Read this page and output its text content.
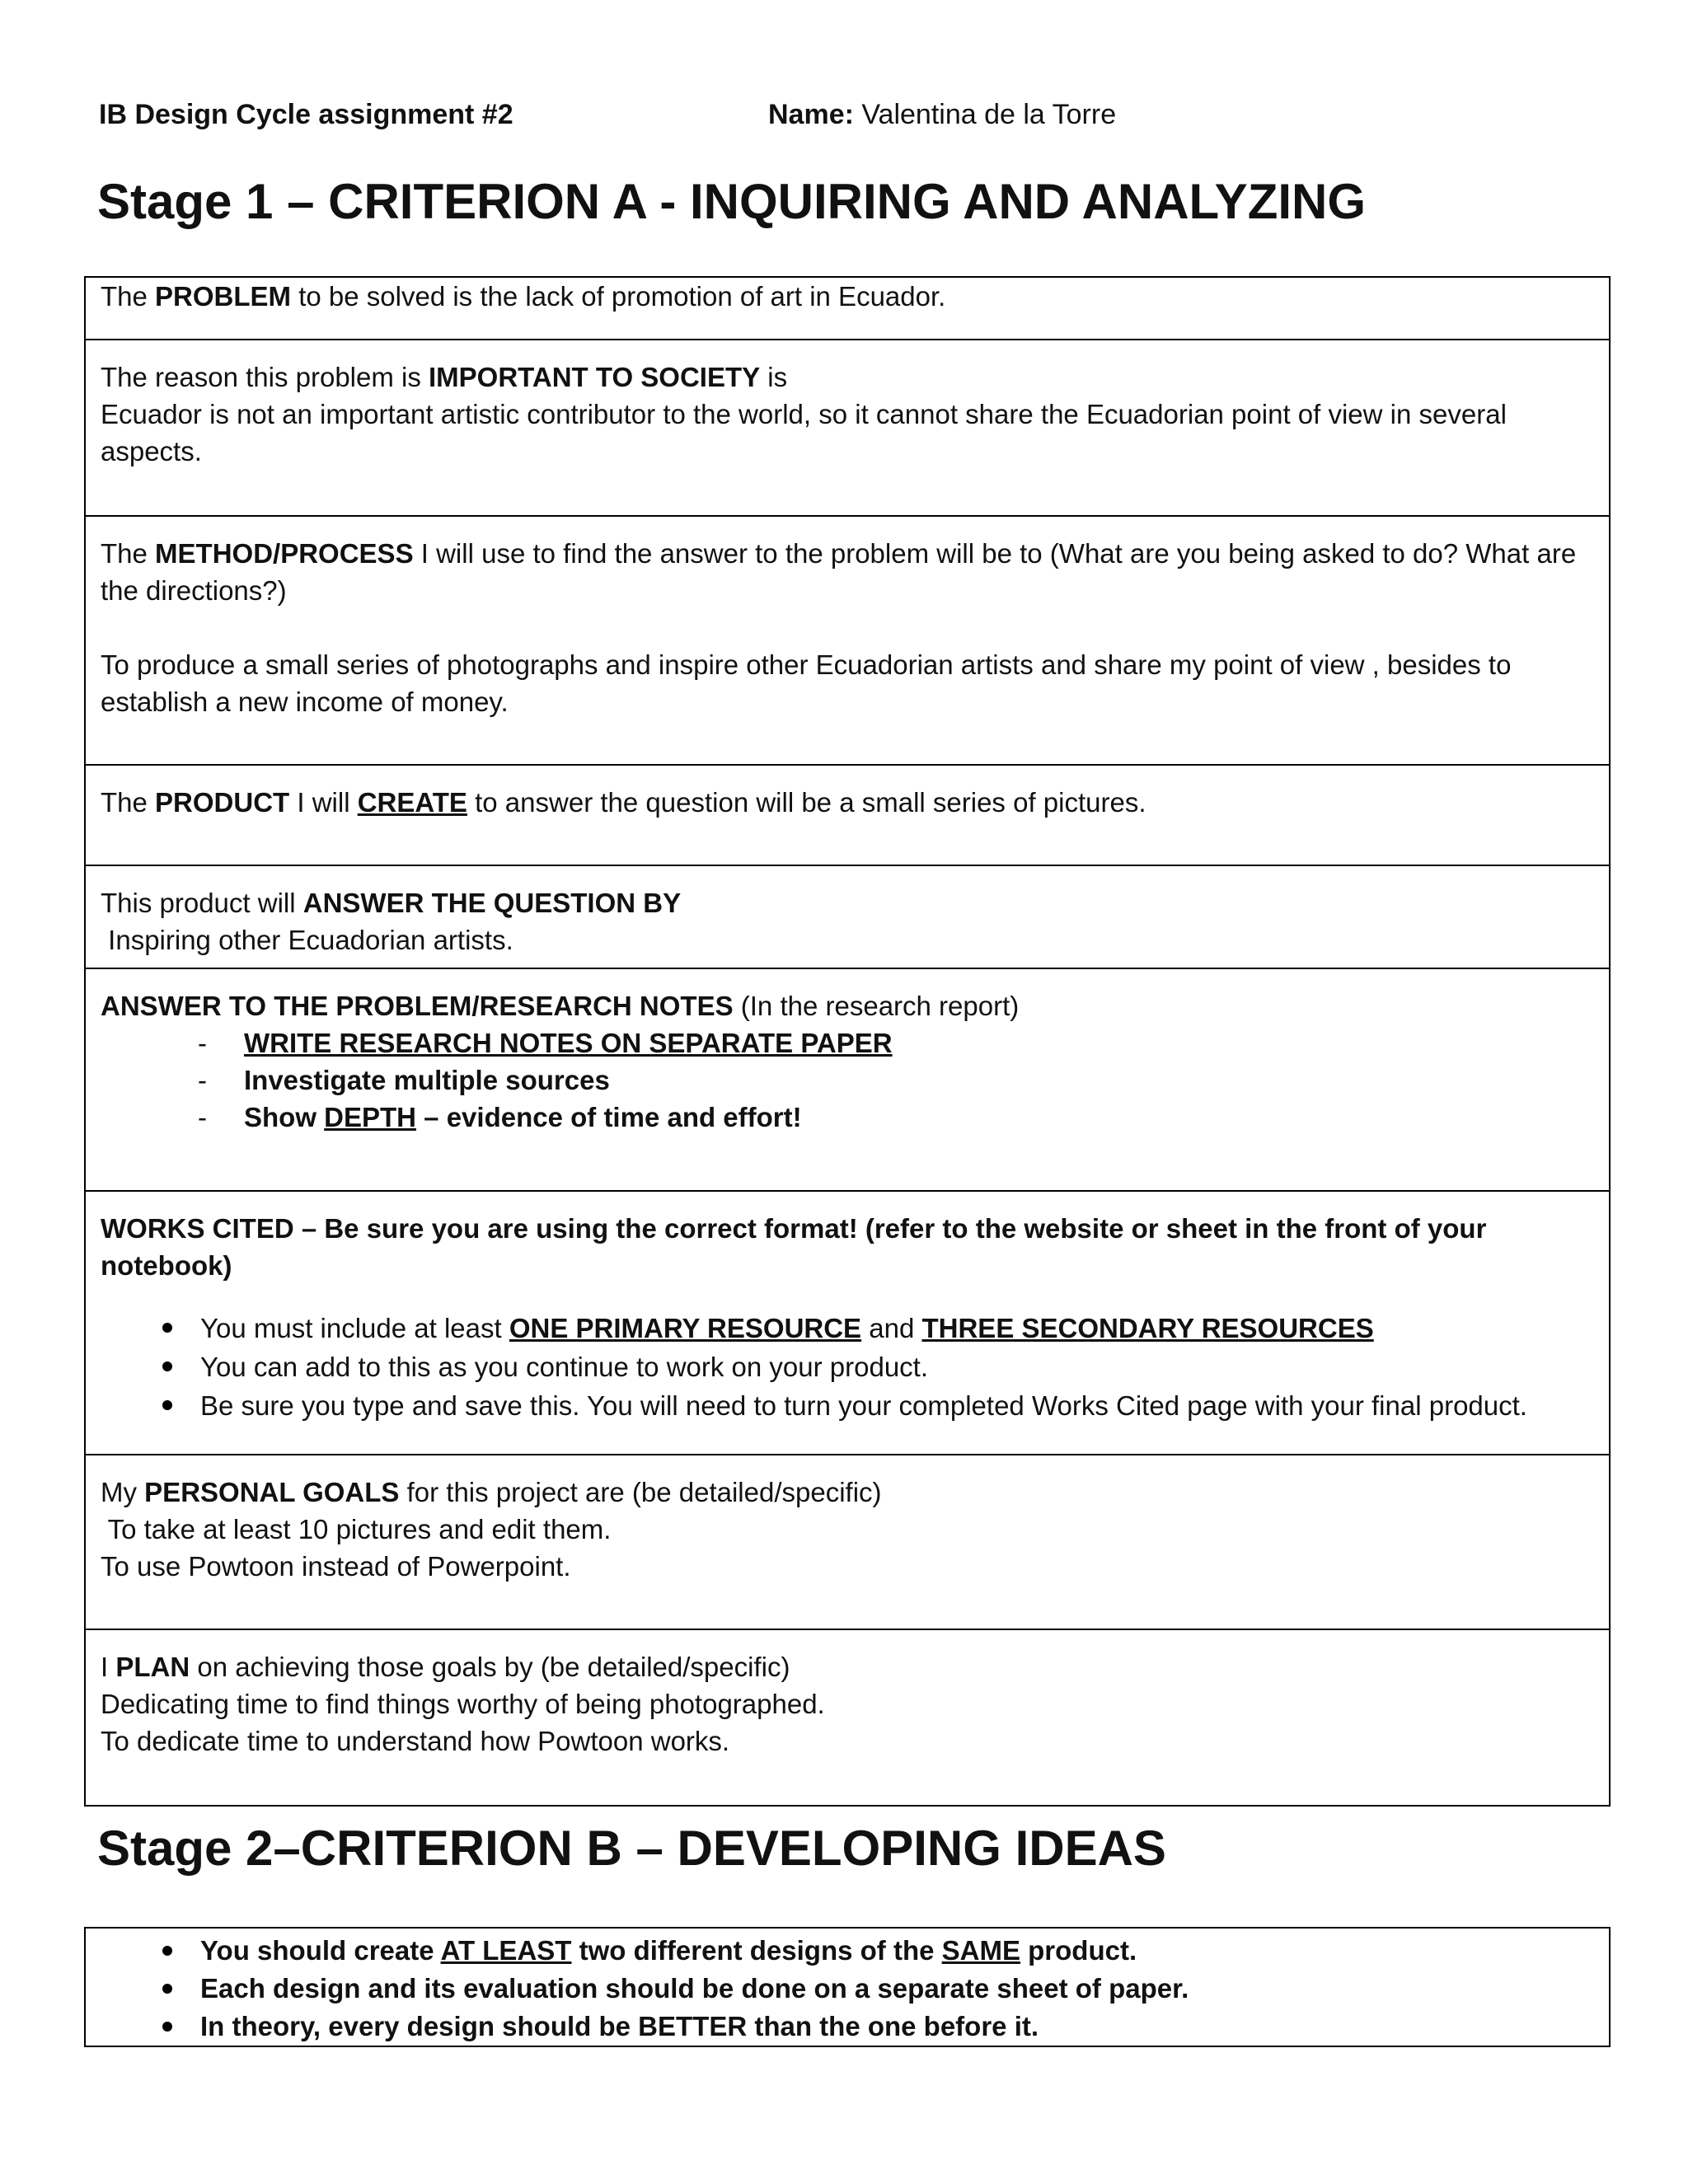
IB Design Cycle assignment #2	Name: Valentina de la Torre
Stage 1 – CRITERION A - INQUIRING AND ANALYZING
The PROBLEM to be solved is the lack of promotion of art in Ecuador.

The reason this problem is IMPORTANT TO SOCIETY is
Ecuador is not an important artistic contributor to the world, so it cannot share the Ecuadorian point of view in several aspects.

The METHOD/PROCESS I will use to find the answer to the problem will be to (What are you being asked to do? What are the directions?)
To produce a small series of photographs and inspire other Ecuadorian artists and share my point of view , besides to establish a new income of money.

The PRODUCT I will CREATE to answer the question will be a small series of pictures.

This product will ANSWER THE QUESTION BY
Inspiring other Ecuadorian artists.

ANSWER TO THE PROBLEM/RESEARCH NOTES (In the research report)
- WRITE RESEARCH NOTES ON SEPARATE PAPER
- Investigate multiple sources
- Show DEPTH – evidence of time and effort!

WORKS CITED – Be sure you are using the correct format! (refer to the website or sheet in the front of your notebook)
You must include at least ONE PRIMARY RESOURCE and THREE SECONDARY RESOURCES
You can add to this as you continue to work on your product.
Be sure you type and save this. You will need to turn your completed Works Cited page with your final product.

My PERSONAL GOALS for this project are (be detailed/specific)
To take at least 10 pictures and edit them.
To use Powtoon instead of Powerpoint.

I PLAN on achieving those goals by (be detailed/specific)
Dedicating time to find things worthy of being photographed.
To dedicate time to understand how Powtoon works.
Stage 2–CRITERION B – DEVELOPING IDEAS
You should create AT LEAST two different designs of the SAME product.
Each design and its evaluation should be done on a separate sheet of paper.
In theory, every design should be BETTER than the one before it.
